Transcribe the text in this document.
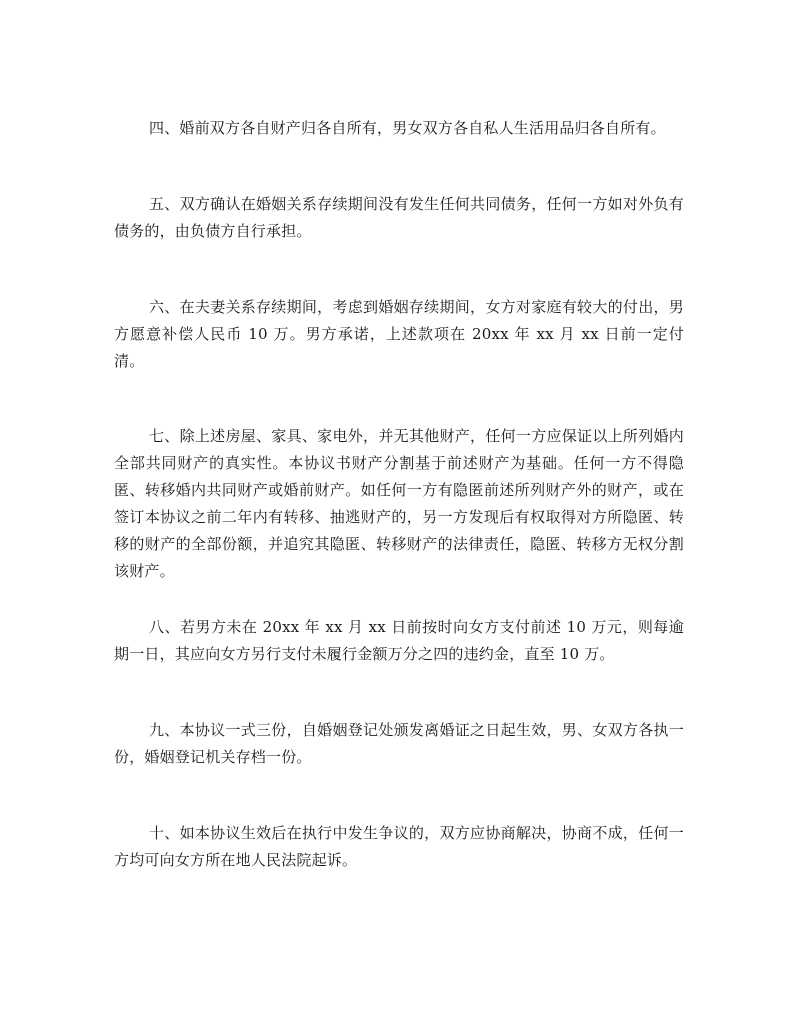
四、婚前双方各自财产归各自所有，男女双方各自私人生活用品归各自所有。

五、双方确认在婚姻关系存续期间没有发生任何共同债务，任何一方如对外负有债务的，由负债方自行承担。

六、在夫妻关系存续期间，考虑到婚姻存续期间，女方对家庭有较大的付出，男方愿意补偿人民币 10 万。男方承诺，上述款项在 20xx 年 xx 月 xx 日前一定付清。

七、除上述房屋、家具、家电外，并无其他财产，任何一方应保证以上所列婚内全部共同财产的真实性。本协议书财产分割基于前述财产为基础。任何一方不得隐匿、转移婚内共同财产或婚前财产。如任何一方有隐匿前述所列财产外的财产，或在签订本协议之前二年内有转移、抽逃财产的，另一方发现后有权取得对方所隐匿、转移的财产的全部份额，并追究其隐匿、转移财产的法律责任，隐匿、转移方无权分割该财产。

八、若男方未在 20xx 年 xx 月 xx 日前按时向女方支付前述 10 万元，则每逾期一日，其应向女方另行支付未履行金额万分之四的违约金，直至 10 万。

九、本协议一式三份，自婚姻登记处颁发离婚证之日起生效，男、女双方各执一份，婚姻登记机关存档一份。

十、如本协议生效后在执行中发生争议的，双方应协商解决，协商不成，任何一方均可向女方所在地人民法院起诉。
